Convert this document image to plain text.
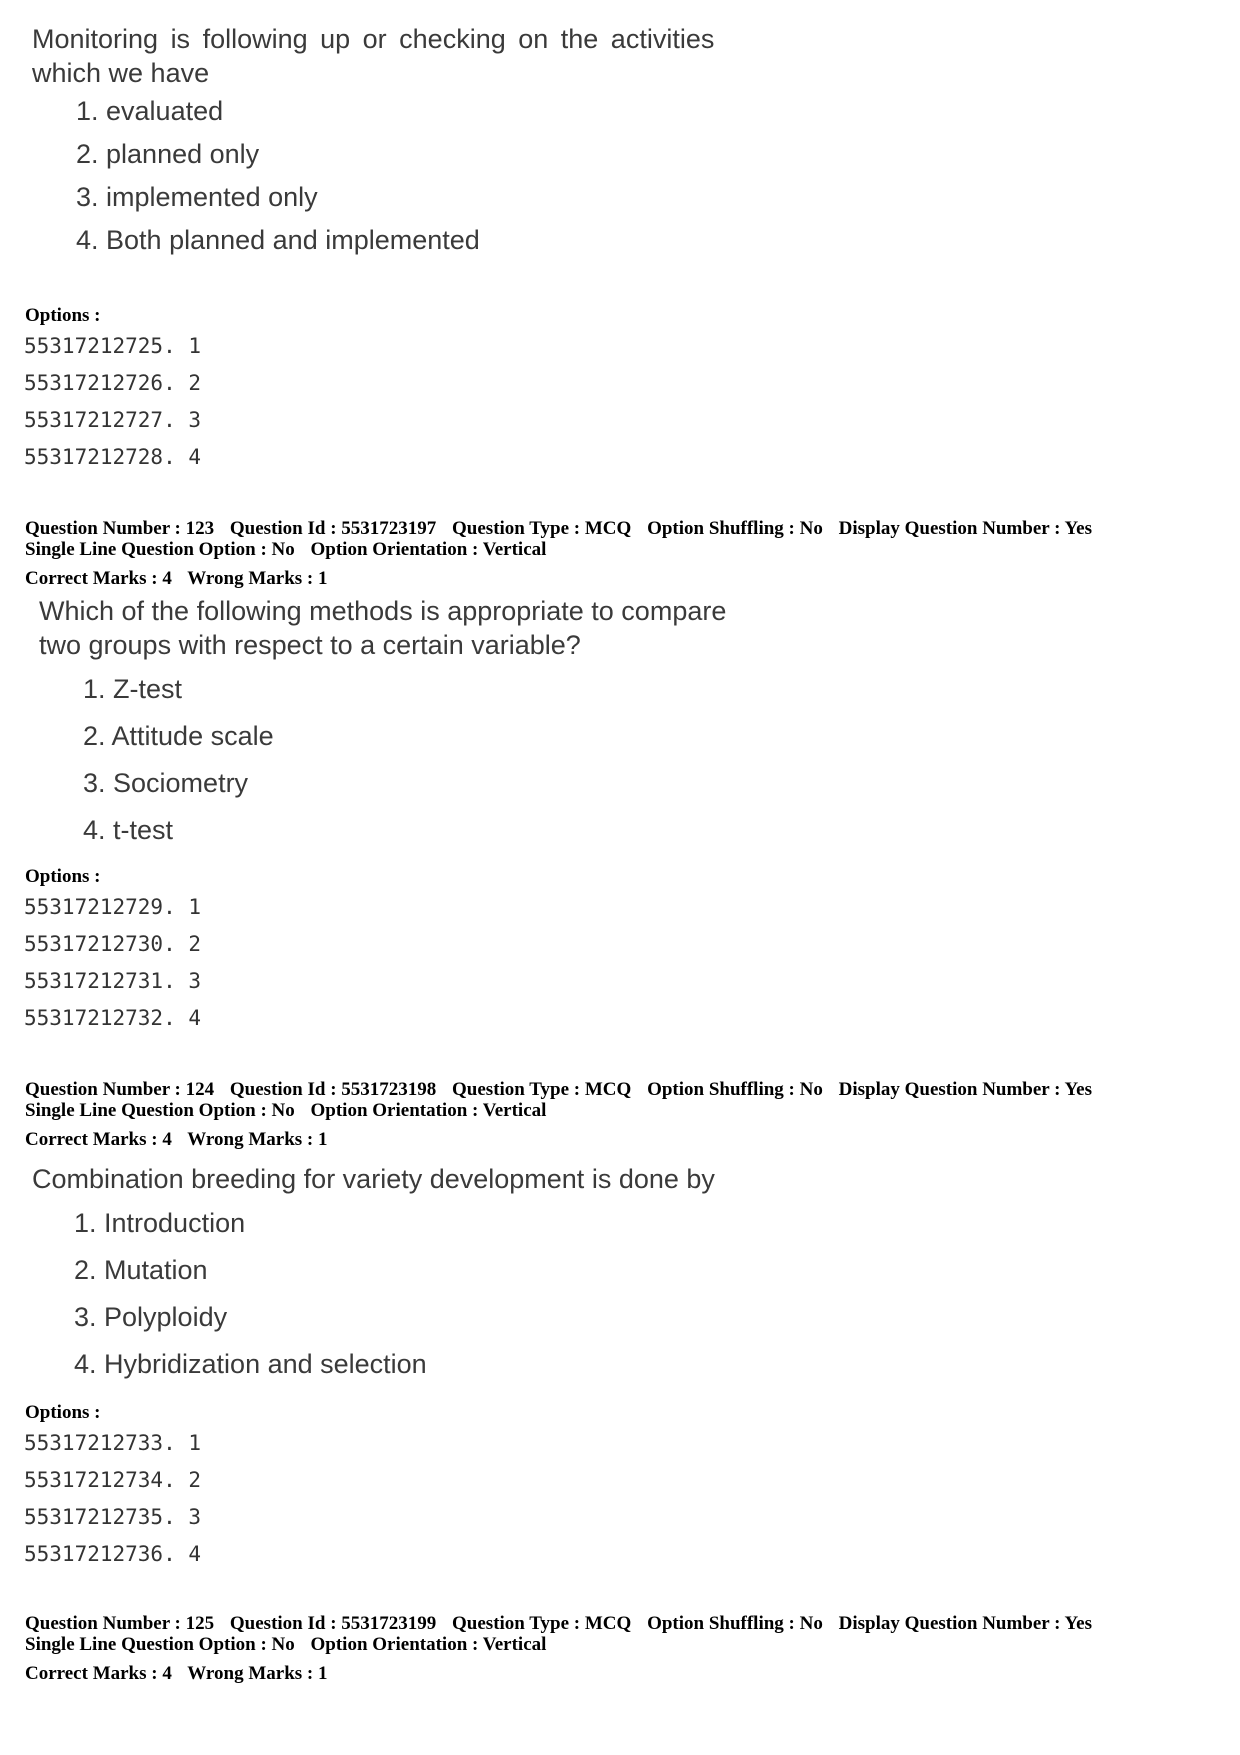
Monitoring is following up or checking on the activities
which we have
1. evaluated
2. planned only
3. implemented only
4. Both planned and implemented
Options :
55317212725. 1
55317212726. 2
55317212727. 3
55317212728. 4
Question Number : 123 Question Id : 5531723197 Question Type : MCQ Option Shuffling : No Display Question Number : Yes
Single Line Question Option : No Option Orientation : Vertical
Correct Marks : 4 Wrong Marks : 1
Which of the following methods is appropriate to compare
two groups with respect to a certain variable?
1. Z-test
2. Attitude scale
3. Sociometry
4. t-test
Options :
55317212729. 1
55317212730. 2
55317212731. 3
55317212732. 4
Question Number : 124 Question Id : 5531723198 Question Type : MCQ Option Shuffling : No Display Question Number : Yes
Single Line Question Option : No Option Orientation : Vertical
Correct Marks : 4 Wrong Marks : 1
Combination breeding for variety development is done by
1. Introduction
2. Mutation
3. Polyploidy
4. Hybridization and selection
Options :
55317212733. 1
55317212734. 2
55317212735. 3
55317212736. 4
Question Number : 125 Question Id : 5531723199 Question Type : MCQ Option Shuffling : No Display Question Number : Yes
Single Line Question Option : No Option Orientation : Vertical
Correct Marks : 4 Wrong Marks : 1
